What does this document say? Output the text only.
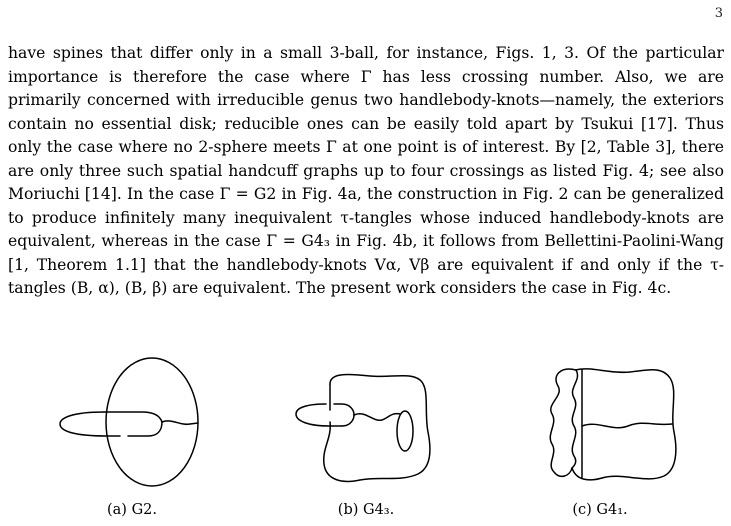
3
have spines that differ only in a small 3-ball, for instance, Figs. 1, 3. Of the particular importance is therefore the case where Γ has less crossing number. Also, we are primarily concerned with irreducible genus two handlebody-knots—namely, the exteriors contain no essential disk; reducible ones can be easily told apart by Tsukui [17]. Thus only the case where no 2-sphere meets Γ at one point is of interest. By [2, Table 3], there are only three such spatial handcuff graphs up to four crossings as listed Fig. 4; see also Moriuchi [14]. In the case Γ = G2 in Fig. 4a, the construction in Fig. 2 can be generalized to produce infinitely many inequivalent τ-tangles whose induced handlebody-knots are equivalent, whereas in the case Γ = G4₃ in Fig. 4b, it follows from Bellettini-Paolini-Wang [1, Theorem 1.1] that the handlebody-knots Vα, Vβ are equivalent if and only if the τ-tangles (B, α), (B, β) are equivalent. The present work considers the case in Fig. 4c.
(a) G2.	(b) G4₃.	(c) G4₁.
